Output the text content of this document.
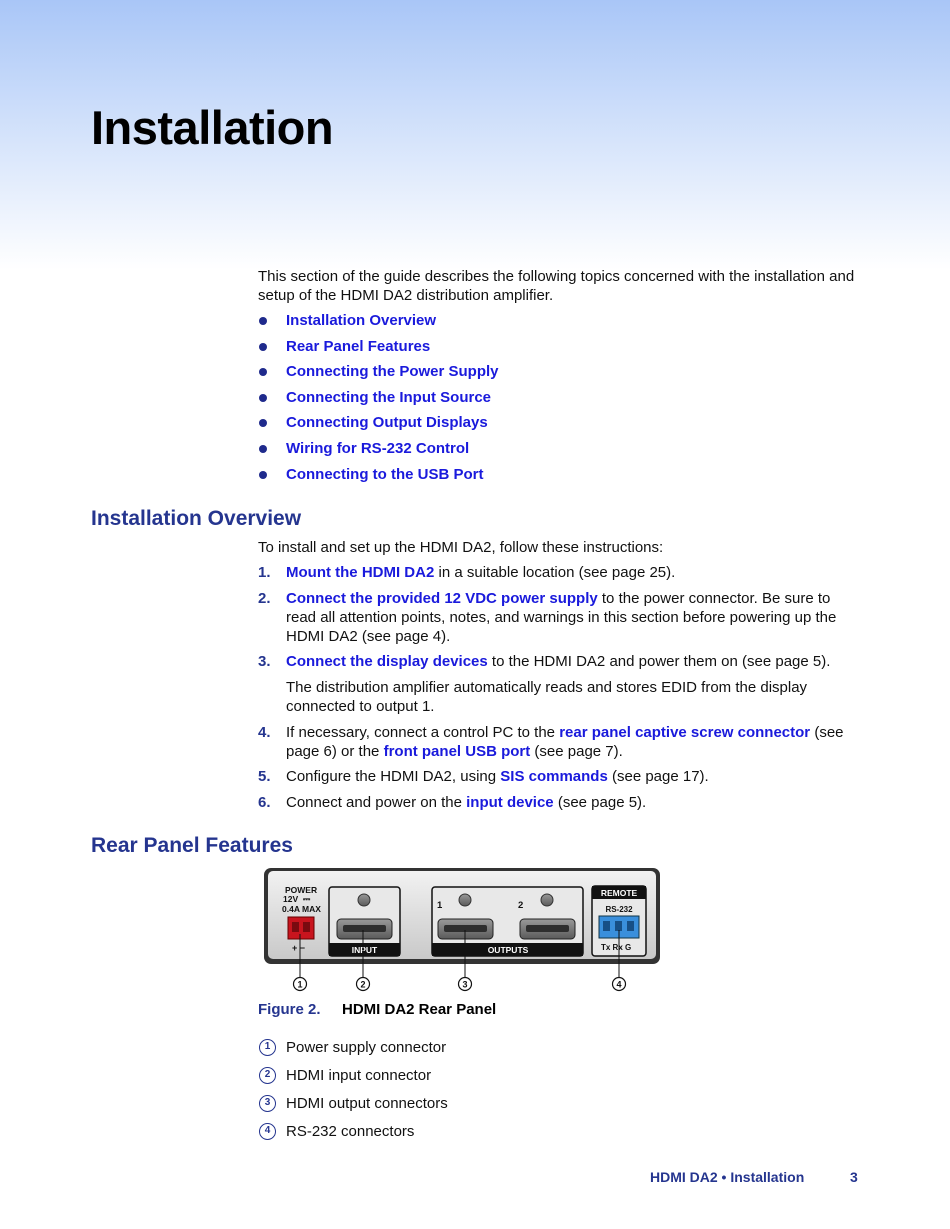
Installation

This section of the guide describes the following topics concerned with the installation and setup of the HDMI DA2 distribution amplifier.

Installation Overview
Rear Panel Features
Connecting the Power Supply
Connecting the Input Source
Connecting Output Displays
Wiring for RS-232 Control
Connecting to the USB Port
Installation Overview

To install and set up the HDMI DA2, follow these instructions:

1. Mount the HDMI DA2 in a suitable location (see page 25).
2. Connect the provided 12 VDC power supply to the power connector. Be sure to read all attention points, notes, and warnings in this section before powering up the HDMI DA2 (see page 4).
3. Connect the display devices to the HDMI DA2 and power them on (see page 5).
The distribution amplifier automatically reads and stores EDID from the display connected to output 1.
4. If necessary, connect a control PC to the rear panel captive screw connector (see page 6) or the front panel USB port (see page 7).
5. Configure the HDMI DA2, using SIS commands (see page 17).
6. Connect and power on the input device (see page 5).
Rear Panel Features
POWER
12V ⎓
0.4A MAX
+ −	INPUT	OUTPUTS
1	2
REMOTE
RS-232
Tx Rx G
1	2	3	4

Figure 2. HDMI DA2 Rear Panel

1	Power supply connector
2	HDMI input connector
3	HDMI output connectors
4	RS-232 connectors
HDMI DA2 • Installation	3
